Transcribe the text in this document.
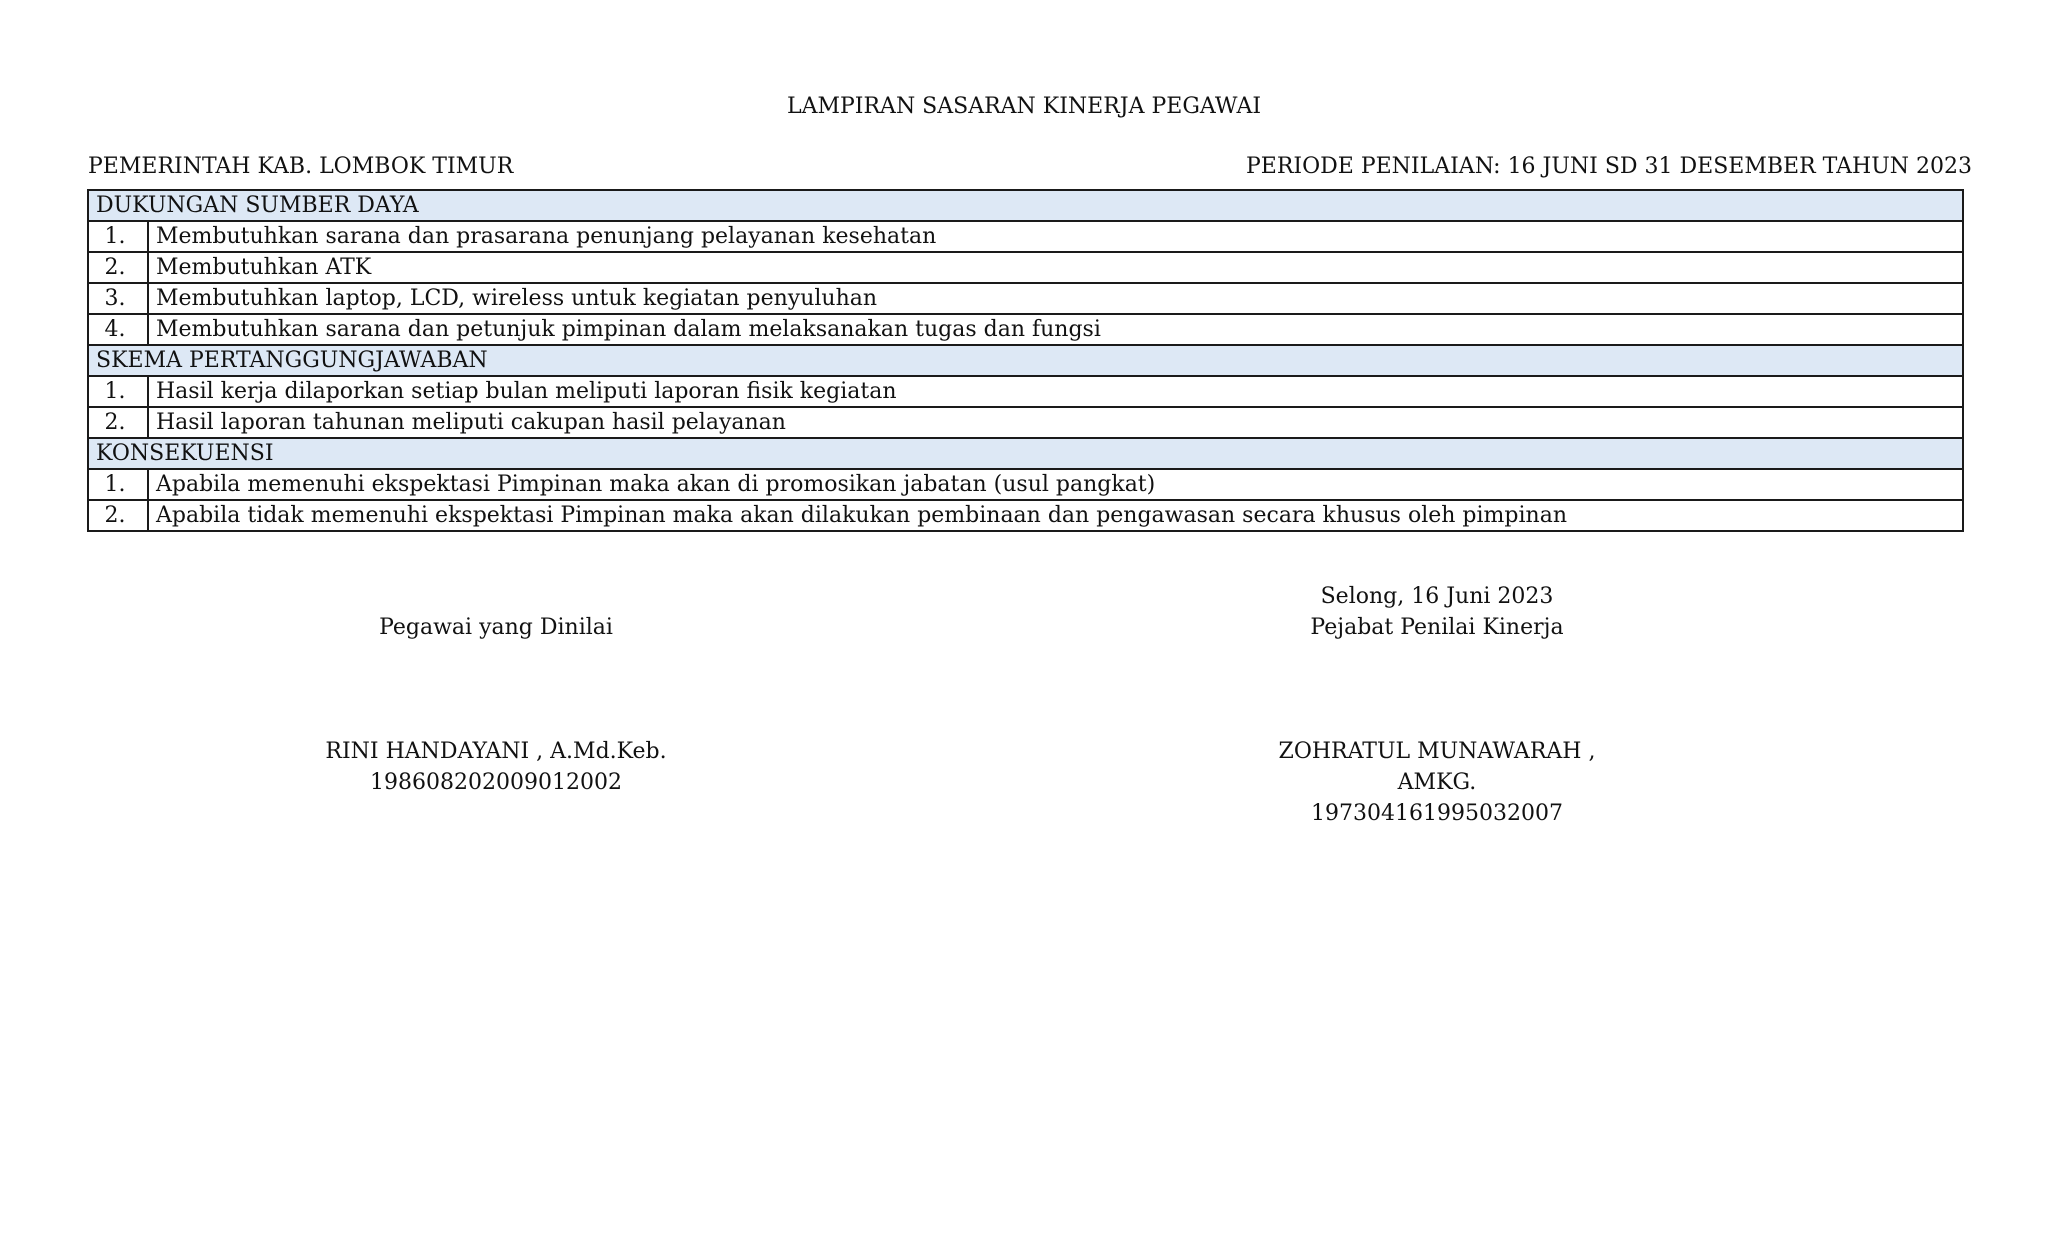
LAMPIRAN SASARAN KINERJA PEGAWAI
PEMERINTAH KAB. LOMBOK TIMUR	PERIODE PENILAIAN: 16 JUNI SD 31 DESEMBER TAHUN 2023
DUKUNGAN SUMBER DAYA	
1.	Membutuhkan sarana dan prasarana penunjang pelayanan kesehatan
2.	Membutuhkan ATK
3.	Membutuhkan laptop, LCD, wireless untuk kegiatan penyuluhan
4.	Membutuhkan sarana dan petunjuk pimpinan dalam melaksanakan tugas dan fungsi
SKEMA PERTANGGUNGJAWABAN	
1.	Hasil kerja dilaporkan setiap bulan meliputi laporan fisik kegiatan
2.	Hasil laporan tahunan meliputi cakupan hasil pelayanan
KONSEKUENSI	
1.	Apabila memenuhi ekspektasi Pimpinan maka akan di promosikan jabatan (usul pangkat)
2.	Apabila tidak memenuhi ekspektasi Pimpinan maka akan dilakukan pembinaan dan pengawasan secara khusus oleh pimpinan
Pegawai yang Dinilai
RINI HANDAYANI , A.Md.Keb.
198608202009012002
Selong, 16 Juni 2023
Pejabat Penilai Kinerja
ZOHRATUL MUNAWARAH , AMKG.
197304161995032007
